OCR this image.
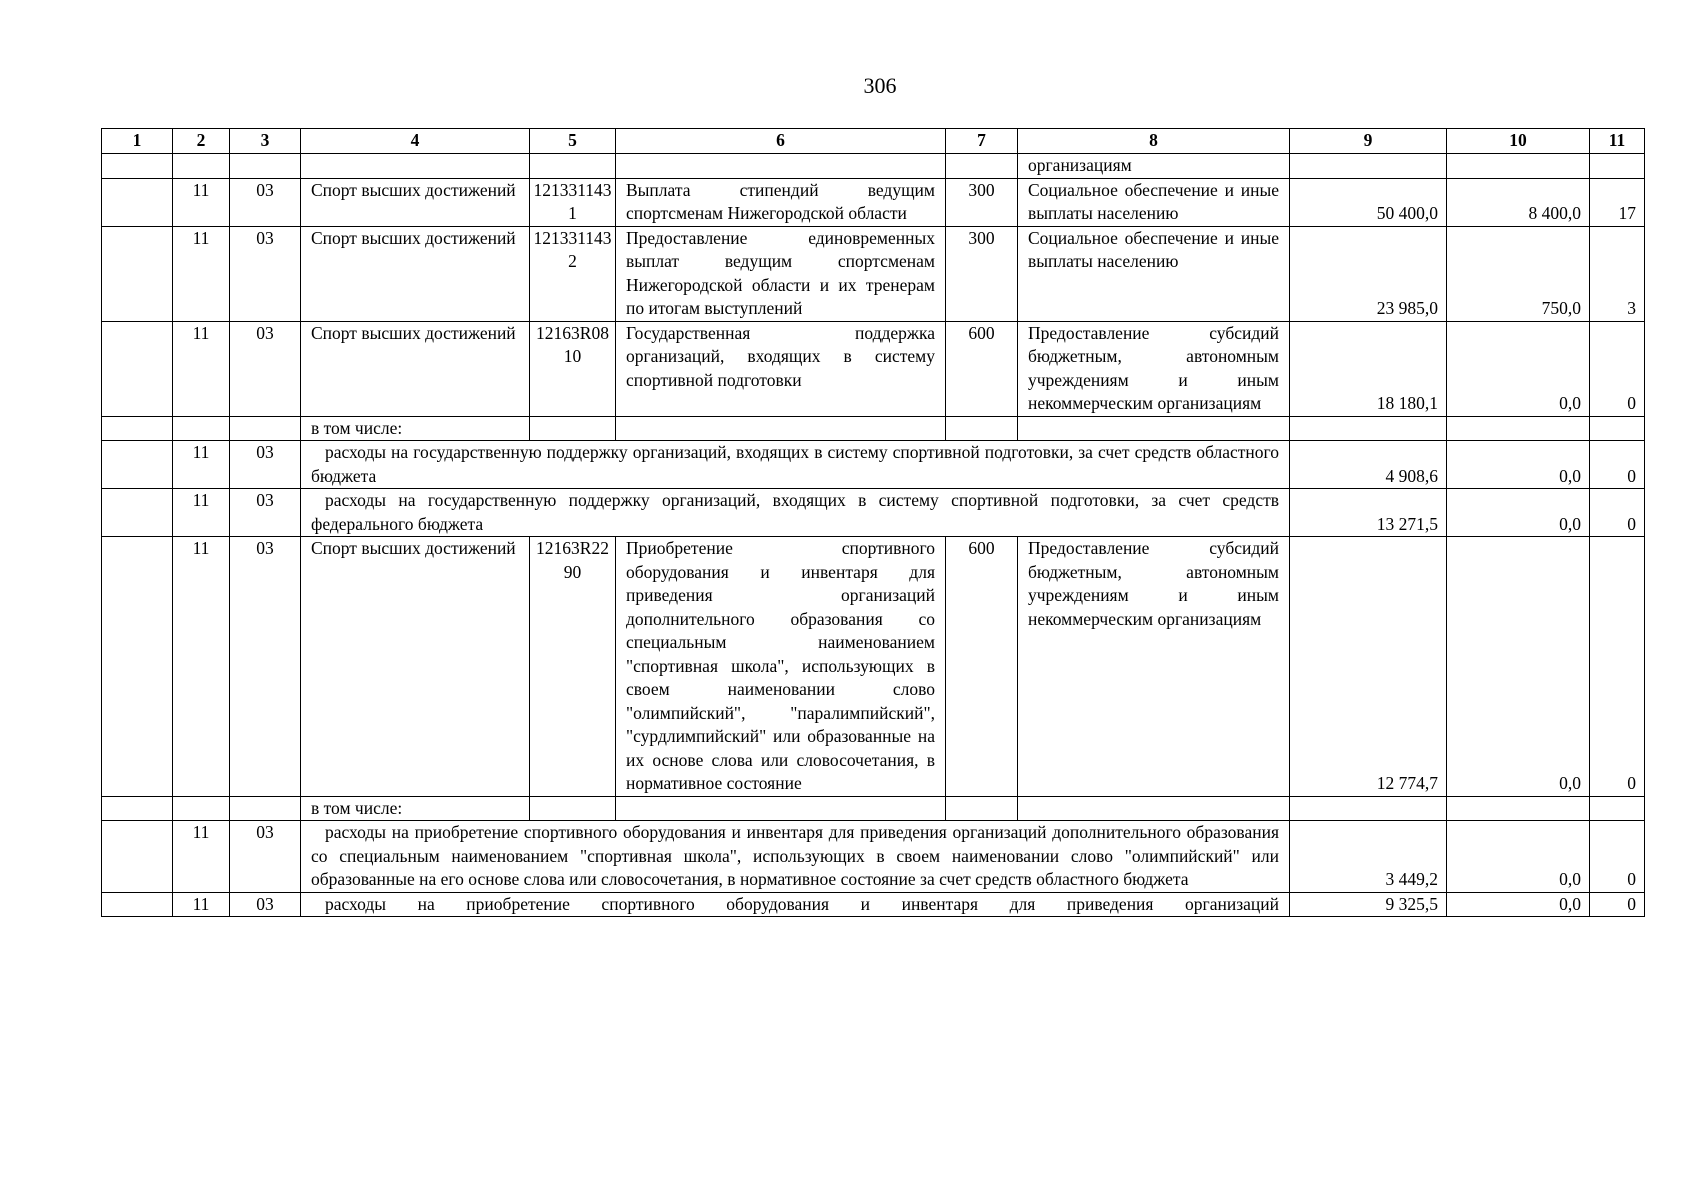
306
1	2	3	4	5	6	7	8	9	10	11
							организациям			
	11	03	Спорт высших достижений	1213311431	Выплата стипендий ведущим спортсменам Нижегородской области	300	Социальное обеспечение и иные выплаты населению	50 400,0	8 400,0	17
	11	03	Спорт высших достижений	1213311432	Предоставление единовременных выплат ведущим спортсменам Нижегородской области и их тренерам по итогам выступлений	300	Социальное обеспечение и иные выплаты населению	23 985,0	750,0	3
	11	03	Спорт высших достижений	12163R0810	Государственная поддержка организаций, входящих в систему спортивной подготовки	600	Предоставление субсидий бюджетным, автономным учреждениям и иным некоммерческим организациям	18 180,1	0,0	0
			в том числе:							
	11	03	расходы на государственную поддержку организаций, входящих в систему спортивной подготовки, за счет средств областного бюджета					4 908,6	0,0	0
	11	03	расходы на государственную поддержку организаций, входящих в систему спортивной подготовки, за счет средств федерального бюджета					13 271,5	0,0	0
	11	03	Спорт высших достижений	12163R2290	Приобретение спортивного оборудования и инвентаря для приведения организаций дополнительного образования со специальным наименованием "спортивная школа", использующих в своем наименовании слово "олимпийский", "паралимпийский", "сурдлимпийский" или образованные на их основе слова или словосочетания, в нормативное состояние	600	Предоставление субсидий бюджетным, автономным учреждениям и иным некоммерческим организациям	12 774,7	0,0	0
			в том числе:							
	11	03	расходы на приобретение спортивного оборудования и инвентаря для приведения организаций дополнительного образования со специальным наименованием "спортивная школа", использующих в своем наименовании слово "олимпийский" или образованные на его основе слова или словосочетания, в нормативное состояние за счет средств областного бюджета					3 449,2	0,0	0
	11	03	расходы на приобретение спортивного оборудования и инвентаря для приведения организаций					9 325,5	0,0	0
